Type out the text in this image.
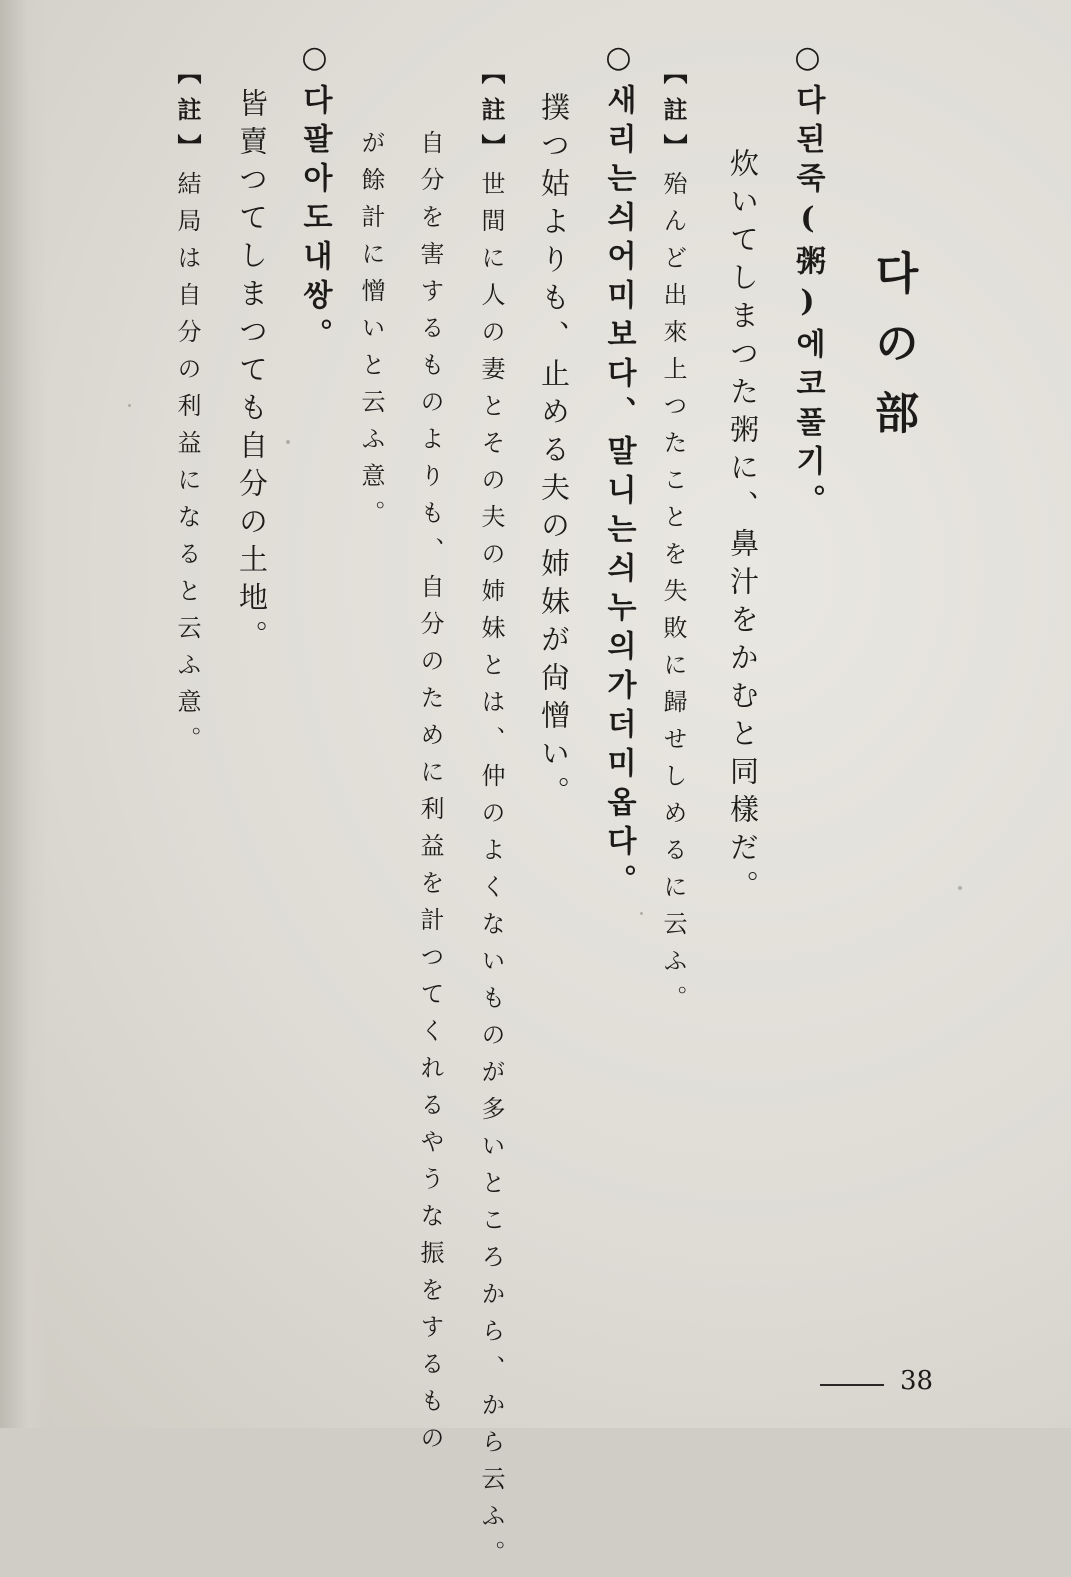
다の部

○다된죽(粥)에코풀기。

炊いてしまつた粥に、鼻汁をかむと同樣だ。

【註】殆んど出來上つたことを失敗に歸せしめるに云ふ。

○새리는싀어미보다、말니는싀누의가더미옵다。

撲つ姑よりも、止める夫の姉妹が尙憎い。

【註】世間に人の妻とその夫の姉妹とは、仲のよくないものが多いところから、から云ふ。

自分を害するものよりも、自分のために利益を計つてくれるやうな振をするもの

が餘計に憎いと云ふ意。

○다팔아도내쌍。

皆賣つてしまつても自分の土地。

【註】結局は自分の利益になると云ふ意。

38
